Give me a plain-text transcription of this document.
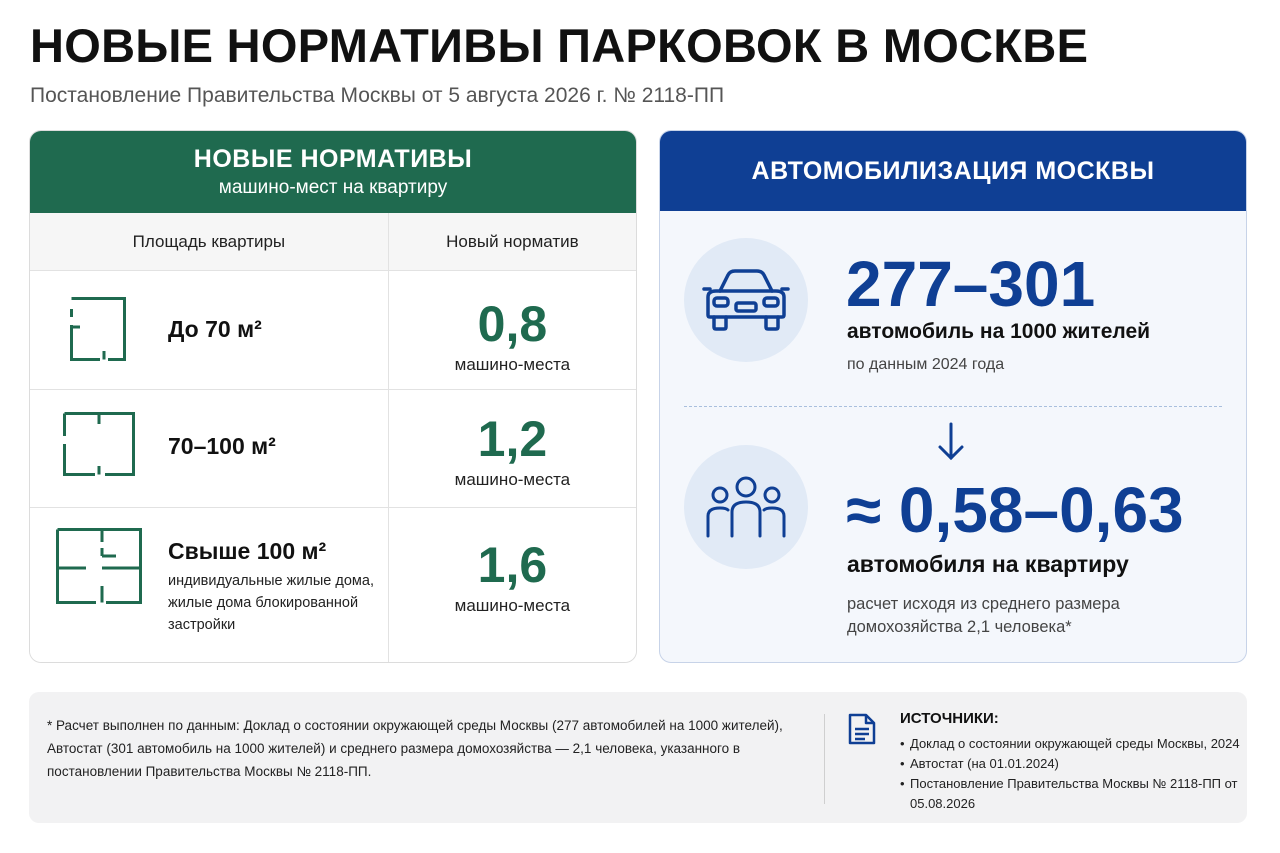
НОВЫЕ НОРМАТИВЫ ПАРКОВОК В МОСКВЕ
Постановление Правительства Москвы от 5 августа 2026 г. № 2118-ПП
НОВЫЕ НОРМАТИВЫ
машино-мест на квартиру
Площадь квартиры	Новый норматив
До 70 м²	0,8
машино-места
70–100 м²	1,2
машино-места
Свыше 100 м²
индивидуальные жилые дома, жилые дома блокированной застройки
1,6
машино-места
АВТОМОБИЛИЗАЦИЯ МОСКВЫ
277–301
автомобиль на 1000 жителей
по данным 2024 года
≈ 0,58–0,63
автомобиля на квартиру
расчет исходя из среднего размера домохозяйства 2,1 человека*
* Расчет выполнен по данным: Доклад о состоянии окружающей среды Москвы (277 автомобилей на 1000 жителей), Автостат (301 автомобиль на 1000 жителей) и среднего размера домохозяйства — 2,1 человека, указанного в постановлении Правительства Москвы № 2118-ПП.
ИСТОЧНИКИ:
• Доклад о состоянии окружающей среды Москвы, 2024
• Автостат (на 01.01.2024)
• Постановление Правительства Москвы № 2118-ПП от 05.08.2026
